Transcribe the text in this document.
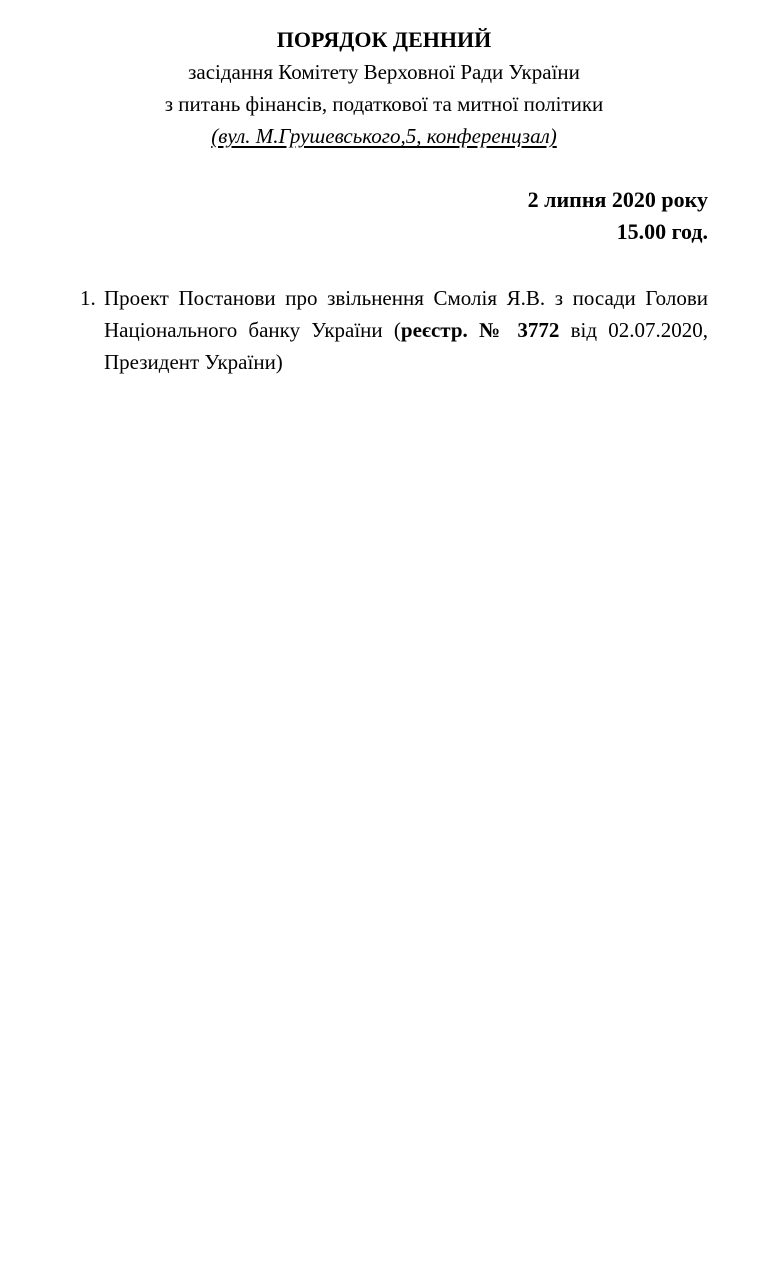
ПОРЯДОК ДЕННИЙ

засідання Комітету Верховної Ради України

з питань фінансів, податкової та митної політики

(вул. М.Грушевського,5, конференцзал)

2 липня 2020 року
15.00 год.
1. Проект Постанови про звільнення Смолія Я.В. з посади Голови Національного банку України (реєстр. № 3772 від 02.07.2020, Президент України)
